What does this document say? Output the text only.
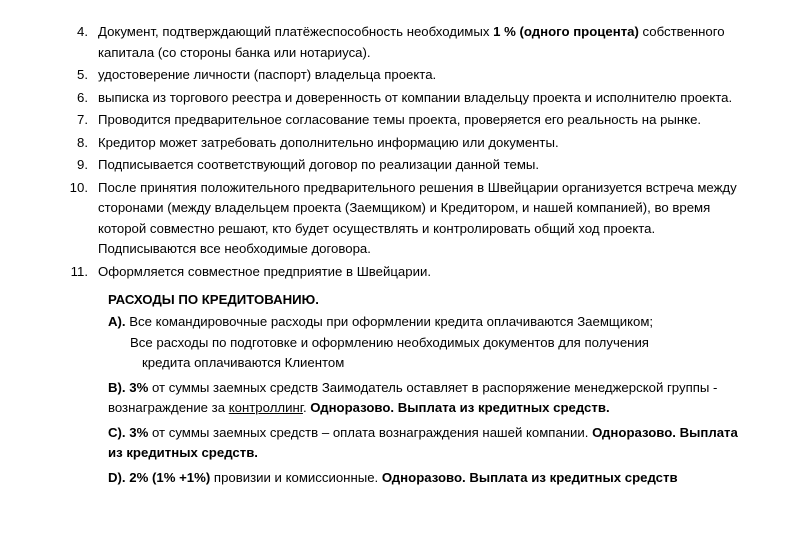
4. Документ, подтверждающий платёжеспособность необходимых 1 % (одного процента) собственного капитала (со стороны банка или нотариуса).
5. удостоверение личности (паспорт) владельца проекта.
6. выписка из торгового реестра и доверенность от компании владельцу проекта и исполнителю проекта.
7. Проводится предварительное согласование темы проекта, проверяется его реальность на рынке.
8. Кредитор может затребовать дополнительно информацию или документы.
9. Подписывается соответствующий договор по реализации данной темы.
10. После принятия положительного предварительного решения в Швейцарии организуется встреча между сторонами (между владельцем проекта (Заемщиком) и Кредитором, и нашей компанией), во время которой совместно решают, кто будет осуществлять и контролировать общий ход проекта. Подписываются все необходимые договора.
11. Оформляется совместное предприятие в Швейцарии.
РАСХОДЫ ПО КРЕДИТОВАНИЮ.
A). Все командировочные расходы при оформлении кредита оплачиваются Заемщиком;
Все расходы по подготовке и оформлению необходимых документов для получения
кредита оплачиваются Клиентом
B). 3% от суммы заемных средств Заимодатель оставляет в распоряжение менеджерской группы - вознаграждение за контроллинг. Одноразово. Выплата из кредитных средств.
C). 3% от суммы заемных средств – оплата вознаграждения нашей компании. Одноразово. Выплата из кредитных средств.
D). 2% (1% +1%) провизии и комиссионные. Одноразово. Выплата из кредитных средств
